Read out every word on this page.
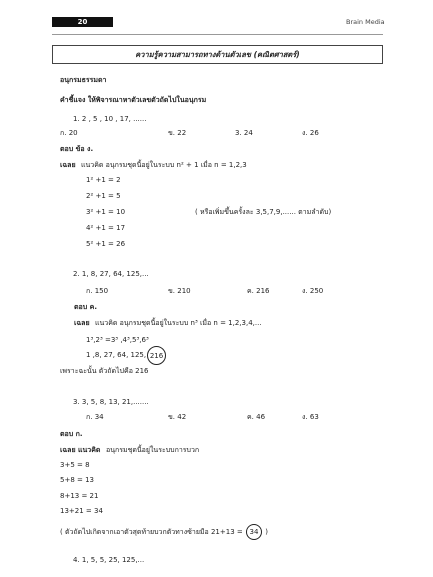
20	Brain Media
ความรู้ความสามารถทางด้านตัวเลข (คณิตศาสตร์)
อนุกรมธรรมดา
คำชี้แจง ให้พิจารณาหาตัวเลขตัวถัดไปในอนุกรม
1. 2 , 5 , 10 , 17, ......
ก. 20	ข. 22	3. 24	ง. 26
ตอบ ข้อ ง.
เฉลย แนวคิด อนุกรมชุดนี้อยู่ในระบบ n² + 1 เมื่อ n = 1,2,3
1² +1 = 2
2² +1 = 5
3² +1 = 10	( หรือเพิ่มขึ้นครั้งละ 3,5,7,9,...... ตามลำดับ)
4² +1 = 17
5² +1 = 26
2. 1, 8, 27, 64, 125,...
ก. 150	ข. 210	ค. 216	ง. 250
ตอบ ค.
เฉลย แนวคิด อนุกรมชุดนี้อยู่ในระบบ n³ เมื่อ n = 1,2,3,4,...
1³,2³ =3³ ,4³,5³,6³
1 ,8, 27, 64, 125, 216
เพราะฉะนั้น ตัวถัดไปคือ 216
3. 3, 5, 8, 13, 21,.......
ก. 34	ข. 42	ค. 46	ง. 63
ตอบ ก.
เฉลย แนวคิด อนุกรมชุดนี้อยู่ในระบบการบวก
3+5 = 8
5+8 = 13
8+13 = 21
13+21 = 34
( ตัวถัดไปเกิดจากเอาตัวสุดท้ายบวกตัวทางซ้ายมือ 21+13 = 34 )
4. 1, 5, 5, 25, 125,...
